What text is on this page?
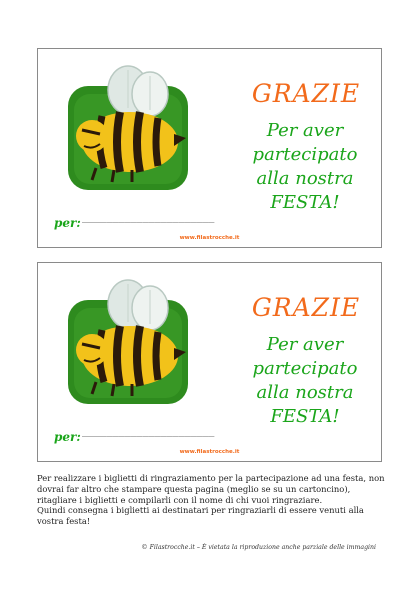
GRAZIE
Per aver
partecipato
alla nostra
FESTA!
per: ______________________
www.filastrocche.it
GRAZIE
Per aver
partecipato
alla nostra
FESTA!
per: ______________________
www.filastrocche.it

Per realizzare i biglietti di ringraziamento per la partecipazione ad una festa, non

dovrai far altro che stampare questa pagina (meglio se su un cartoncino),

ritagliare i biglietti e compilarli con il nome di chi vuoi ringraziare.

Quindi consegna i biglietti ai destinatari per ringraziarli di essere venuti alla

vostra festa!

© Filastrocche.it – È vietata la riproduzione anche parziale delle immagini
